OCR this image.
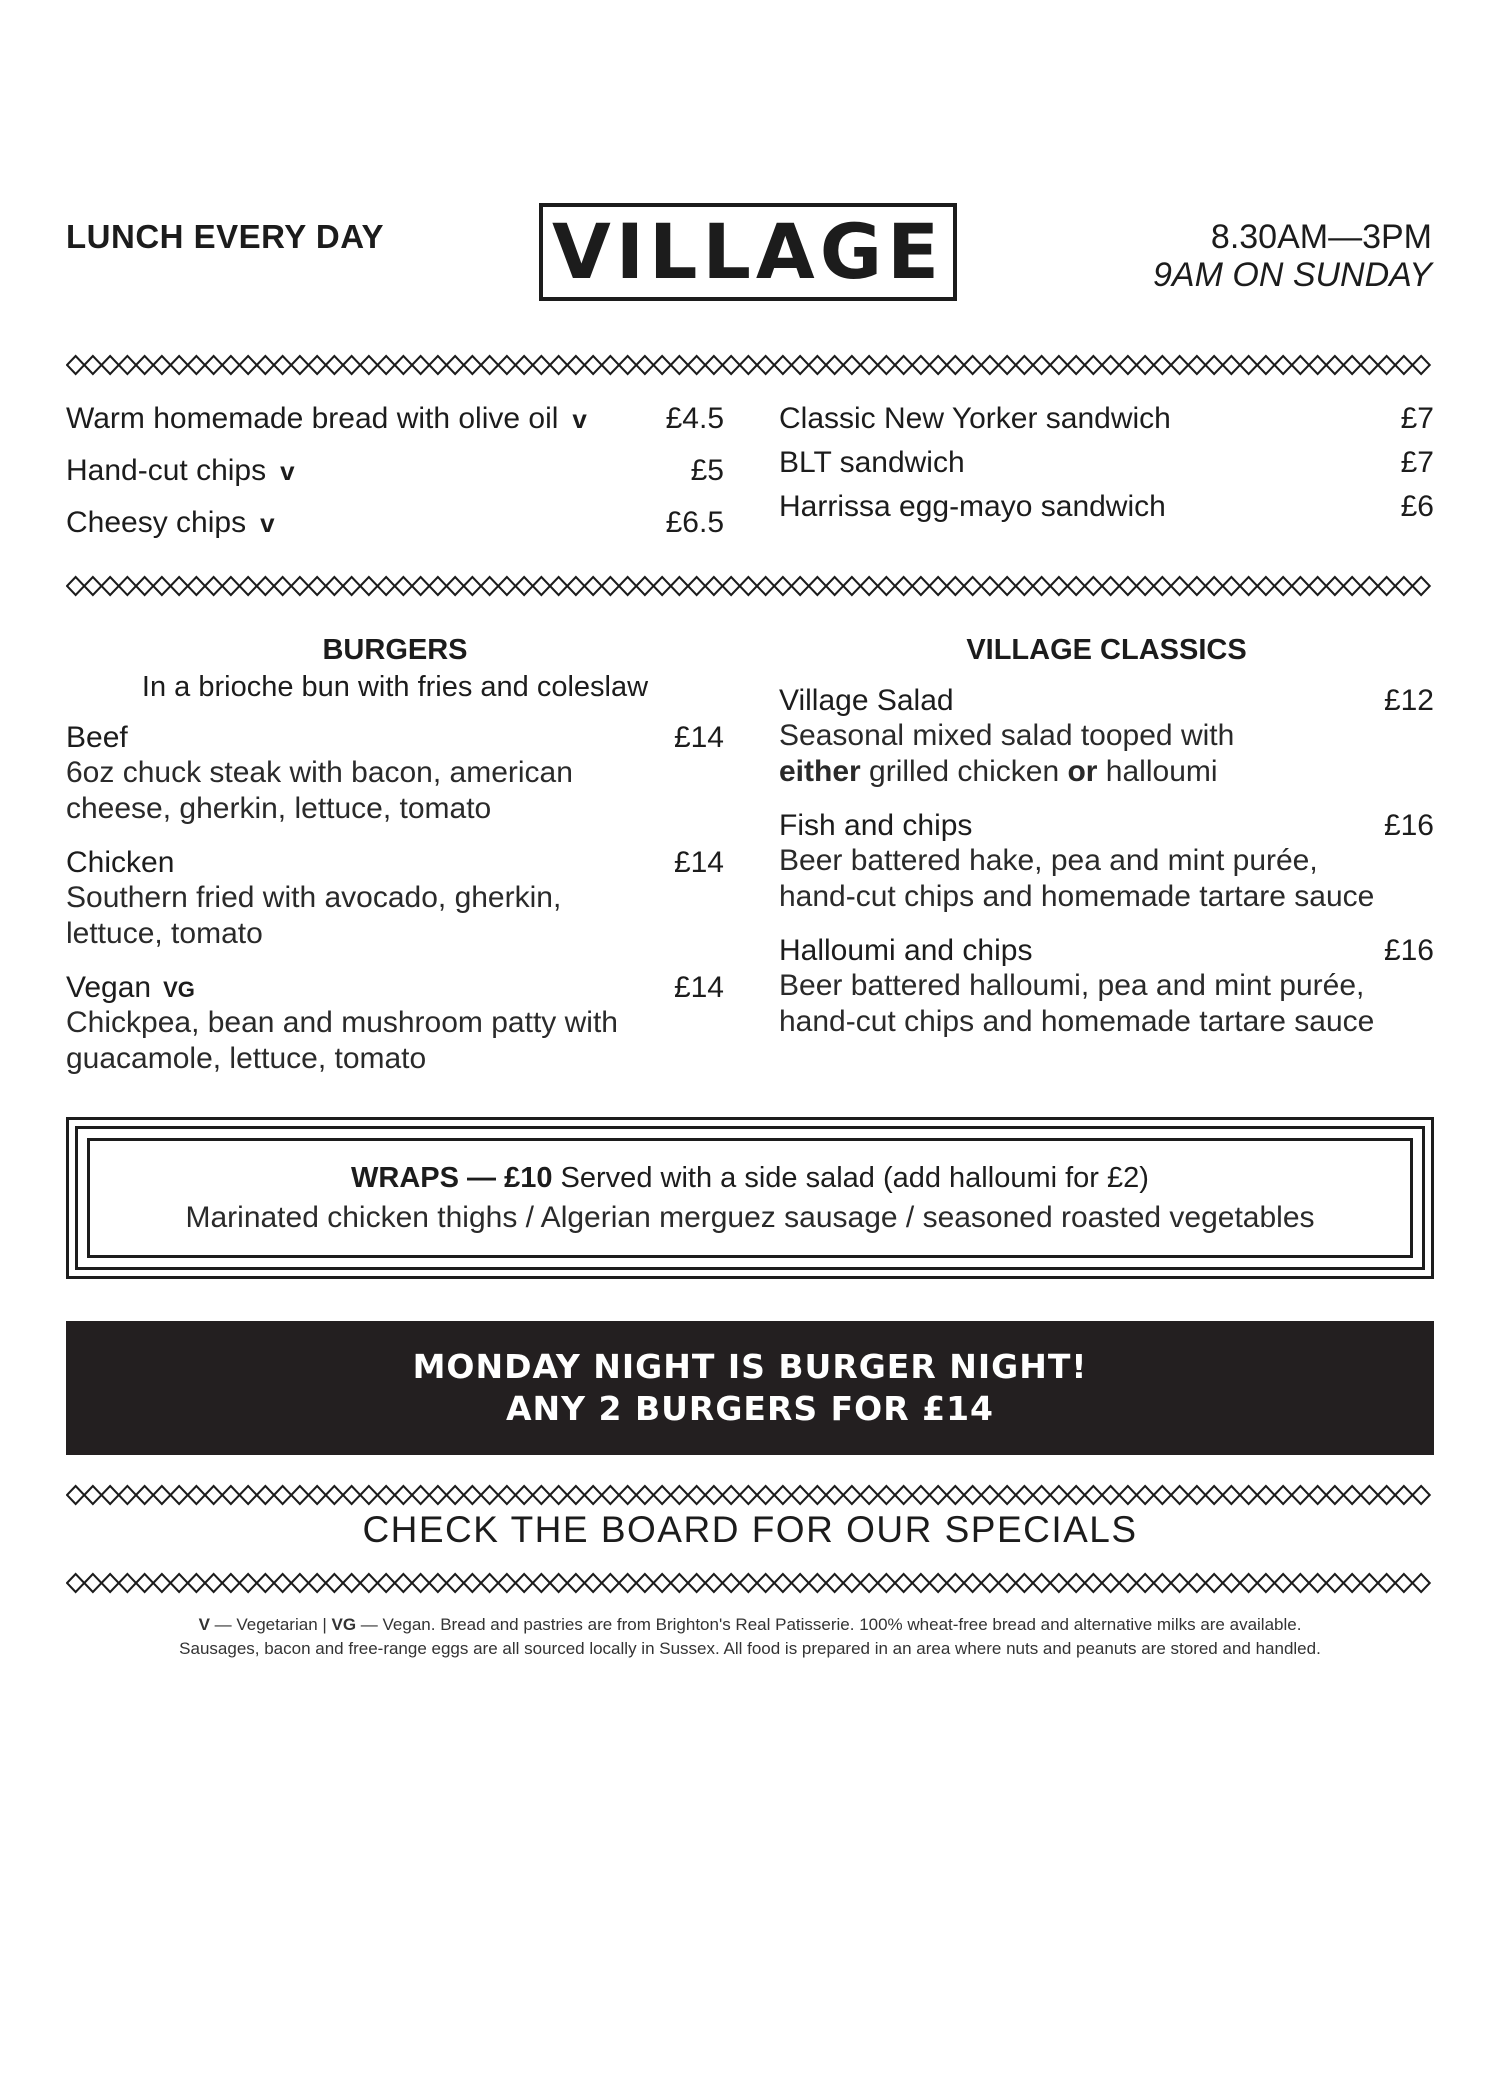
LUNCH EVERY DAY VILLAGE	8.30AM—3PM
9AM ON SUNDAY
Warm homemade bread with olive oil v	£4.5
Hand-cut chips v	£5
Cheesy chips v	£6.5
Classic New Yorker sandwich	£7
BLT sandwich	£7
Harrissa egg-mayo sandwich	£6
BURGERS
In a brioche bun with fries and coleslaw
Beef	£14
6oz chuck steak with bacon, american
cheese, gherkin, lettuce, tomato
Chicken	£14
Southern fried with avocado, gherkin,
lettuce, tomato
Vegan VG	£14
Chickpea, bean and mushroom patty with
guacamole, lettuce, tomato
VILLAGE CLASSICS
Village Salad	£12
Seasonal mixed salad tooped with
either grilled chicken or halloumi
Fish and chips	£16
Beer battered hake, pea and mint purée,
hand-cut chips and homemade tartare sauce
Halloumi and chips	£16
Beer battered halloumi, pea and mint purée,
hand-cut chips and homemade tartare sauce
WRAPS — £10 Served with a side salad (add halloumi for £2)
Marinated chicken thighs / Algerian merguez sausage / seasoned roasted vegetables
MONDAY NIGHT IS BURGER NIGHT!
ANY 2 BURGERS FOR £14
CHECK THE BOARD FOR OUR SPECIALS
V — Vegetarian | VG — Vegan. Bread and pastries are from Brighton's Real Patisserie. 100% wheat-free bread and alternative milks are available.
Sausages, bacon and free-range eggs are all sourced locally in Sussex. All food is prepared in an area where nuts and peanuts are stored and handled.
